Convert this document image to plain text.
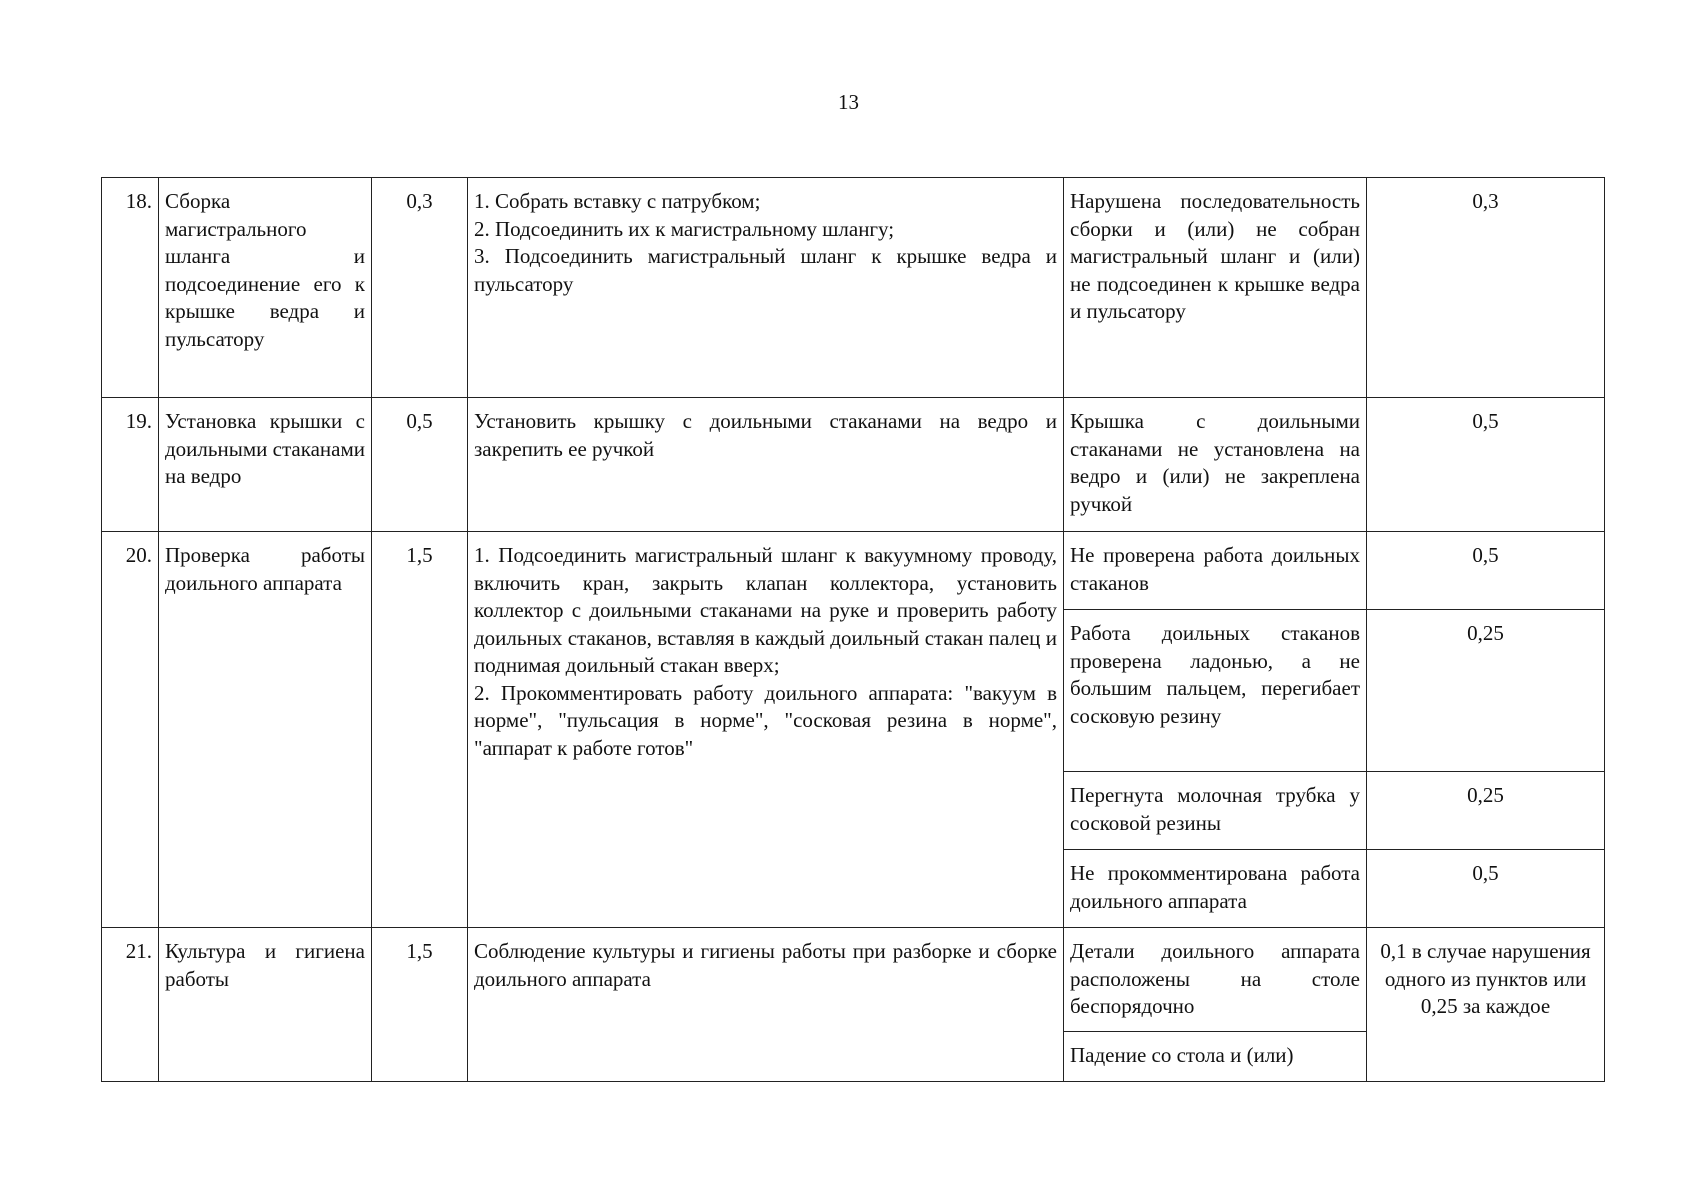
13
18.	Сборка магистрального шланга и подсоединение его к крышке ведра и пульсатору	0,3	1. Собрать вставку с патрубком;

2. Подсоединить их к магистральному шлангу;

3. Подсоединить магистральный шланг к крышке ведра и пульсатору	Нарушена последовательность сборки и (или) не собран магистральный шланг и (или) не подсоединен к крышке ведра и пульсатору	0,3
19.	Установка крышки с доильными стаканами на ведро	0,5	Установить крышку с доильными стаканами на ведро и закрепить ее ручкой	Крышка с доильными стаканами не установлена на ведро и (или) не закреплена ручкой	0,5
20.	Проверка работы доильного аппарата	1,5	1. Подсоединить магистральный шланг к вакуумному проводу, включить кран, закрыть клапан коллектора, установить коллектор с доильными стаканами на руке и проверить работу доильных стаканов, вставляя в каждый доильный стакан палец и поднимая доильный стакан вверх;

2. Прокомментировать работу доильного аппарата: "вакуум в норме", "пульсация в норме", "сосковая резина в норме", "аппарат к работе готов"	Не проверена работа доильных стаканов	0,5
				Работа доильных стаканов проверена ладонью, а не большим пальцем, перегибает сосковую резину	0,25
				Перегнута молочная трубка у сосковой резины	0,25
				Не прокомментирована работа доильного аппарата	0,5
21.	Культура и гигиена работы	1,5	Соблюдение культуры и гигиены работы при разборке и сборке доильного аппарата	Детали доильного аппарата расположены на столе беспорядочно	0,1 в случае нарушения одного из пунктов или 0,25 за каждое

				Падение со стола и (или)	
